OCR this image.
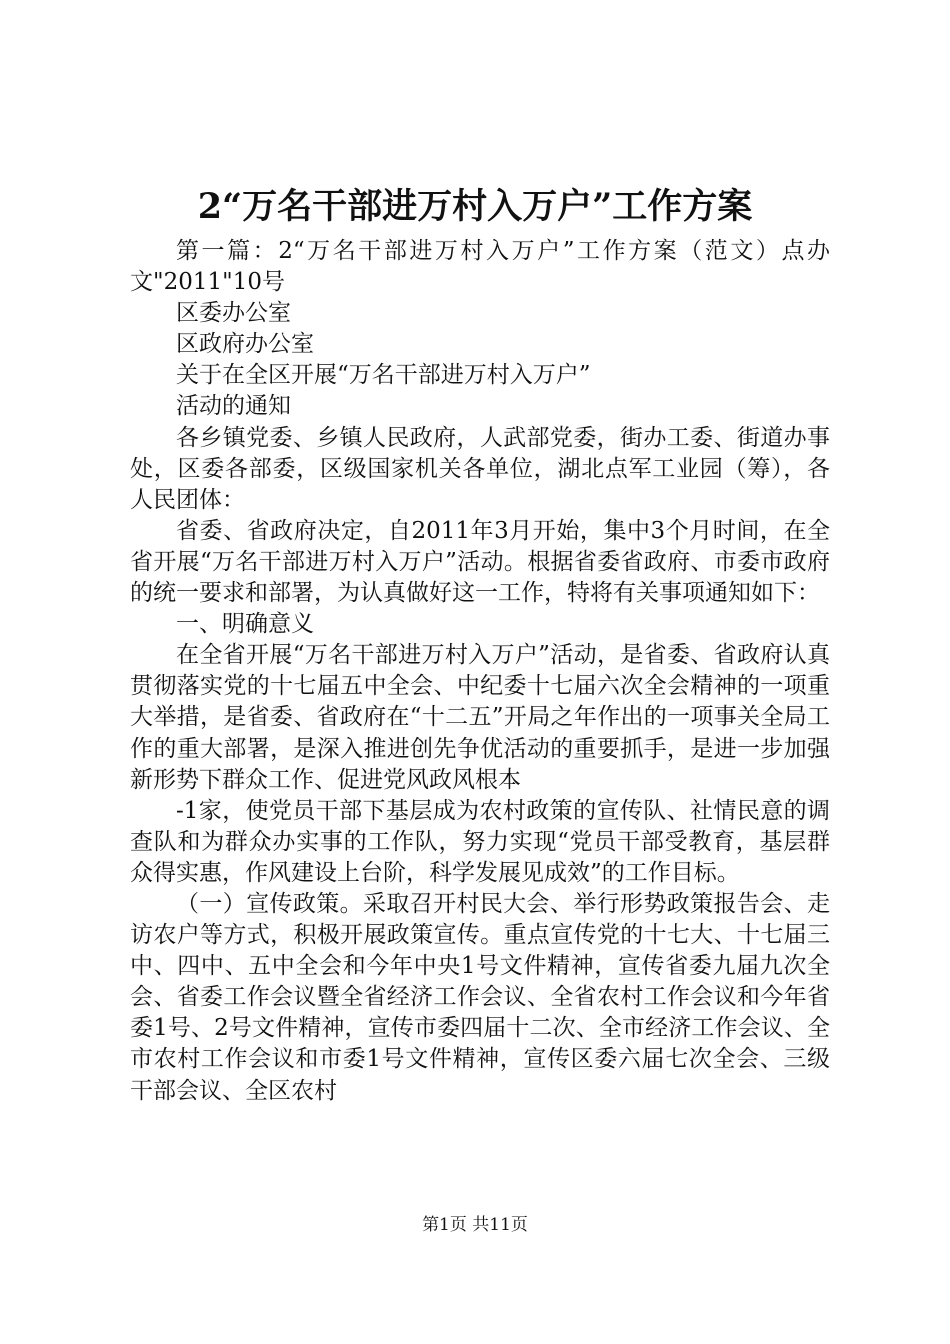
2“万名干部进万村入万户”工作方案

第一篇：2“万名干部进万村入万户”工作方案（范文）点办文"2011"10号

区委办公室

区政府办公室

关于在全区开展“万名干部进万村入万户”

活动的通知

各乡镇党委、乡镇人民政府，人武部党委，街办工委、街道办事处，区委各部委，区级国家机关各单位，湖北点军工业园（筹），各人民团体：

省委、省政府决定，自2011年3月开始，集中3个月时间，在全省开展“万名干部进万村入万户”活动。根据省委省政府、市委市政府的统一要求和部署，为认真做好这一工作，特将有关事项通知如下：

一、明确意义

在全省开展“万名干部进万村入万户”活动，是省委、省政府认真贯彻落实党的十七届五中全会、中纪委十七届六次全会精神的一项重大举措，是省委、省政府在“十二五”开局之年作出的一项事关全局工作的重大部署，是深入推进创先争优活动的重要抓手，是进一步加强新形势下群众工作、促进党风政风根本

-1家，使党员干部下基层成为农村政策的宣传队、社情民意的调查队和为群众办实事的工作队，努力实现“党员干部受教育，基层群众得实惠，作风建设上台阶，科学发展见成效”的工作目标。

（一）宣传政策。采取召开村民大会、举行形势政策报告会、走访农户等方式，积极开展政策宣传。重点宣传党的十七大、十七届三中、四中、五中全会和今年中央1号文件精神，宣传省委九届九次全会、省委工作会议暨全省经济工作会议、全省农村工作会议和今年省委1号、2号文件精神，宣传市委四届十二次、全市经济工作会议、全市农村工作会议和市委1号文件精神，宣传区委六届七次全会、三级干部会议、全区农村

第1页 共11页
